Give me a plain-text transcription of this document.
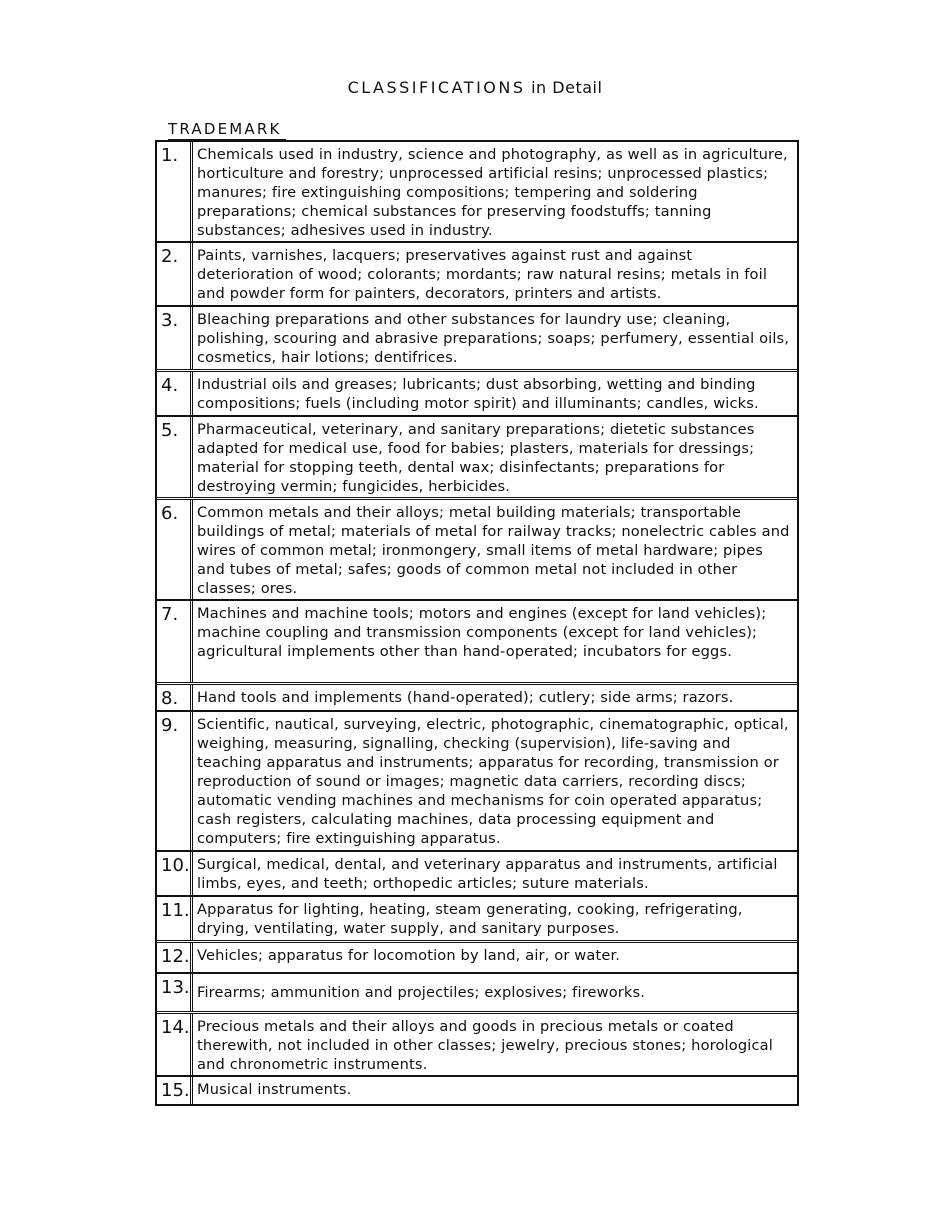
CLASSIFICATIONS in Detail
TRADEMARK
1.	Chemicals used in industry, science and photography, as well as in agriculture, horticulture and forestry; unprocessed artificial resins; unprocessed plastics; manures; fire extinguishing compositions; tempering and soldering preparations; chemical substances for preserving foodstuffs; tanning substances; adhesives used in industry.
2.	Paints, varnishes, lacquers; preservatives against rust and against deterioration of wood; colorants; mordants; raw natural resins; metals in foil and powder form for painters, decorators, printers and artists.
3.	Bleaching preparations and other substances for laundry use; cleaning, polishing, scouring and abrasive preparations; soaps; perfumery, essential oils, cosmetics, hair lotions; dentifrices.
4.	Industrial oils and greases; lubricants; dust absorbing, wetting and binding compositions; fuels (including motor spirit) and illuminants; candles, wicks.
5.	Pharmaceutical, veterinary, and sanitary preparations; dietetic substances adapted for medical use, food for babies; plasters, materials for dressings; material for stopping teeth, dental wax; disinfectants; preparations for destroying vermin; fungicides, herbicides.
6.	Common metals and their alloys; metal building materials; transportable buildings of metal; materials of metal for railway tracks; nonelectric cables and wires of common metal; ironmongery, small items of metal hardware; pipes and tubes of metal; safes; goods of common metal not included in other classes; ores.
7.	Machines and machine tools; motors and engines (except for land vehicles); machine coupling and transmission components (except for land vehicles); agricultural implements other than hand-operated; incubators for eggs.
8.	Hand tools and implements (hand-operated); cutlery; side arms; razors.
9.	Scientific, nautical, surveying, electric, photographic, cinematographic, optical, weighing, measuring, signalling, checking (supervision), life-saving and teaching apparatus and instruments; apparatus for recording, transmission or reproduction of sound or images; magnetic data carriers, recording discs; automatic vending machines and mechanisms for coin operated apparatus; cash registers, calculating machines, data processing equipment and computers; fire extinguishing apparatus.
10. Surgical, medical, dental, and veterinary apparatus and instruments, artificial limbs, eyes, and teeth; orthopedic articles; suture materials.
11. Apparatus for lighting, heating, steam generating, cooking, refrigerating, drying, ventilating, water supply, and sanitary purposes.
12. Vehicles; apparatus for locomotion by land, air, or water.
13. Firearms; ammunition and projectiles; explosives; fireworks.
14. Precious metals and their alloys and goods in precious metals or coated therewith, not included in other classes; jewelry, precious stones; horological and chronometric instruments.
15. Musical instruments.
